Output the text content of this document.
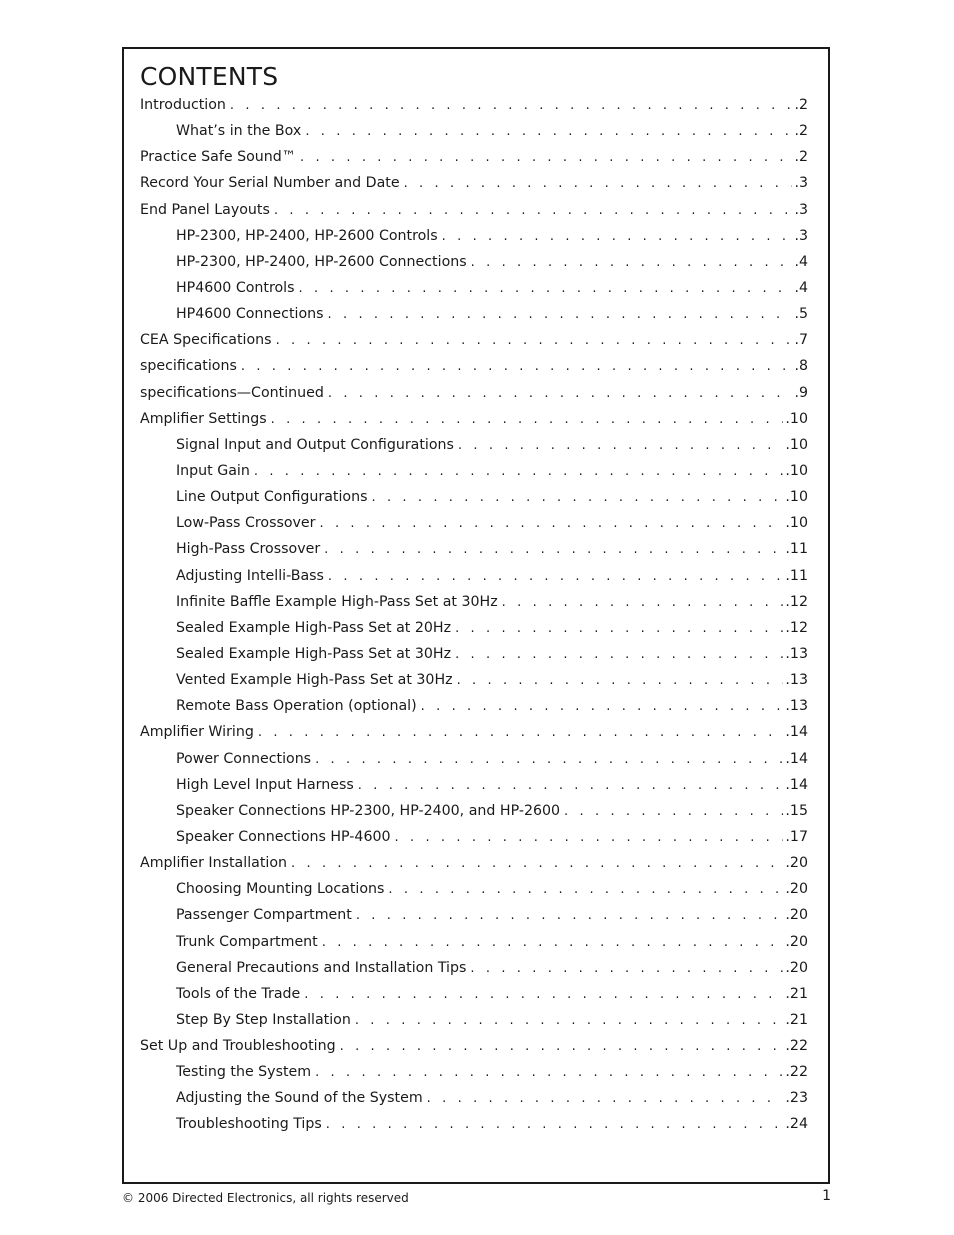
CONTENTS
Introduction . . .	.2
What’s in the Box . . .	.2
Practice Safe Sound™ . . .	.2
Record Your Serial Number and Date . . .	.3
End Panel Layouts . . .	.3
HP-2300, HP-2400, HP-2600 Controls . . .	.3
HP-2300, HP-2400, HP-2600 Connections . . .	.4
HP4600 Controls . . .	.4
HP4600 Connections . . .	.5
CEA Specifications . . .	.7
specifications . . .	.8
specifications—Continued . . .	.9
Amplifier Settings . . .	.10
Signal Input and Output Configurations . . .	.10
Input Gain . . .	.10
Line Output Configurations . . .	.10
Low-Pass Crossover . . .	.10
High-Pass Crossover . . .	.11
Adjusting Intelli-Bass . . .	.11
Infinite Baffle Example High-Pass Set at 30Hz . . .	.12
Sealed Example High-Pass Set at 20Hz . . .	.12
Sealed Example High-Pass Set at 30Hz . . .	.13
Vented Example High-Pass Set at 30Hz . . .	.13
Remote Bass Operation (optional) . . .	.13
Amplifier Wiring . . .	.14
Power Connections . . .	.14
High Level Input Harness . . .	.14
Speaker Connections HP-2300, HP-2400, and HP-2600 . . .	.15
Speaker Connections HP-4600 . . .	.17
Amplifier Installation . . .	.20
Choosing Mounting Locations . . .	.20
Passenger Compartment . . .	.20
Trunk Compartment . . .	.20
General Precautions and Installation Tips . . .	.20
Tools of the Trade . . .	.21
Step By Step Installation . . .	.21
Set Up and Troubleshooting . . .	.22
Testing the System . . .	.22
Adjusting the Sound of the System . . .	.23
Troubleshooting Tips . . .	.24
© 2006 Directed Electronics, all rights reserved	1
